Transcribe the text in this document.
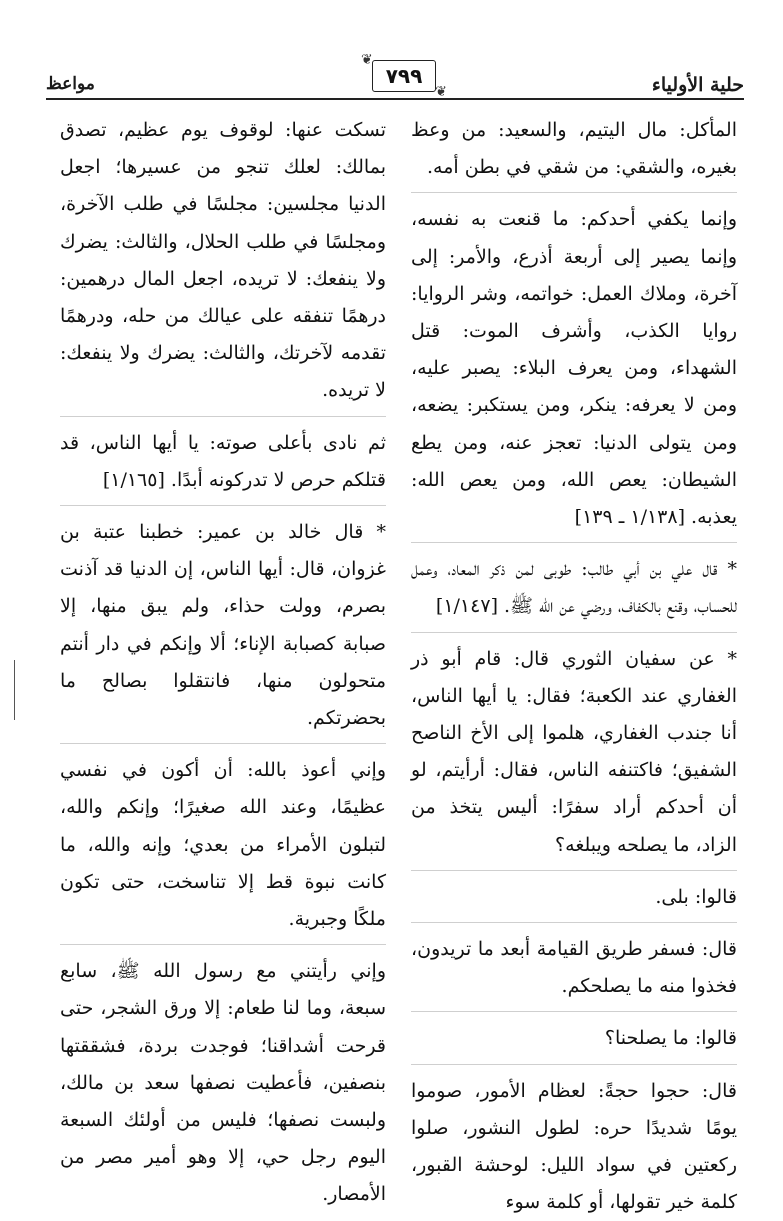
حلية الأولياء
❦
٧٩٩
❦
مواعظ

المأكل: مال اليتيم، والسعيد: من وعظ بغيره، والشقي: من شقي في بطن أمه.

وإنما يكفي أحدكم: ما قنعت به نفسه، وإنما يصير إلى أربعة أذرع، والأمر: إلى آخرة، وملاك العمل: خواتمه، وشر الروايا: روايا الكذب، وأشرف الموت: قتل الشهداء، ومن يعرف البلاء: يصبر عليه، ومن لا يعرفه: ينكر، ومن يستكبر: يضعه، ومن يتولى الدنيا: تعجز عنه، ومن يطع الشيطان: يعص الله، ومن يعص الله: يعذبه. [١/١٣٨ ـ ١٣٩]

* قال علي بن أبي طالب: طوبى لمن ذكر المعاد، وعمل للحساب، وقنع بالكفاف، ورضي عن الله ﷺ. [١/١٤٧]

* عن سفيان الثوري قال: قام أبو ذر الغفاري عند الكعبة؛ فقال: يا أيها الناس، أنا جندب الغفاري، هلموا إلى الأخ الناصح الشفيق؛ فاكتنفه الناس، فقال: أرأيتم، لو أن أحدكم أراد سفرًا: أليس يتخذ من الزاد، ما يصلحه ويبلغه؟

قالوا: بلى.

قال: فسفر طريق القيامة أبعد ما تريدون، فخذوا منه ما يصلحكم.

قالوا: ما يصلحنا؟

قال: حجوا حجةً: لعظام الأمور، صوموا يومًا شديدًا حره: لطول النشور، صلوا ركعتين في سواد الليل: لوحشة القبور، كلمة خير تقولها، أو كلمة سوء

تسكت عنها: لوقوف يوم عظيم، تصدق بمالك: لعلك تنجو من عسيرها؛ اجعل الدنيا مجلسين: مجلسًا في طلب الآخرة، ومجلسًا في طلب الحلال، والثالث: يضرك ولا ينفعك: لا تريده، اجعل المال درهمين: درهمًا تنفقه على عيالك من حله، ودرهمًا تقدمه لآخرتك، والثالث: يضرك ولا ينفعك: لا تريده.

ثم نادى بأعلى صوته: يا أيها الناس، قد قتلكم حرص لا تدركونه أبدًا. [١/١٦٥]

* قال خالد بن عمير: خطبنا عتبة بن غزوان، قال: أيها الناس، إن الدنيا قد آذنت بصرم، وولت حذاء، ولم يبق منها، إلا صبابة كصبابة الإناء؛ ألا وإنكم في دار أنتم متحولون منها، فانتقلوا بصالح ما بحضرتكم.

وإني أعوذ بالله: أن أكون في نفسي عظيمًا، وعند الله صغيرًا؛ وإنكم والله، لتبلون الأمراء من بعدي؛ وإنه والله، ما كانت نبوة قط إلا تناسخت، حتى تكون ملكًا وجبرية.

وإني رأيتني مع رسول الله ﷺ، سابع سبعة، وما لنا طعام: إلا ورق الشجر، حتى قرحت أشداقنا؛ فوجدت بردة، فشققتها بنصفين، فأعطيت نصفها سعد بن مالك، ولبست نصفها؛ فليس من أولئك السبعة اليوم رجل حي، إلا وهو أمير مصر من الأمصار.
